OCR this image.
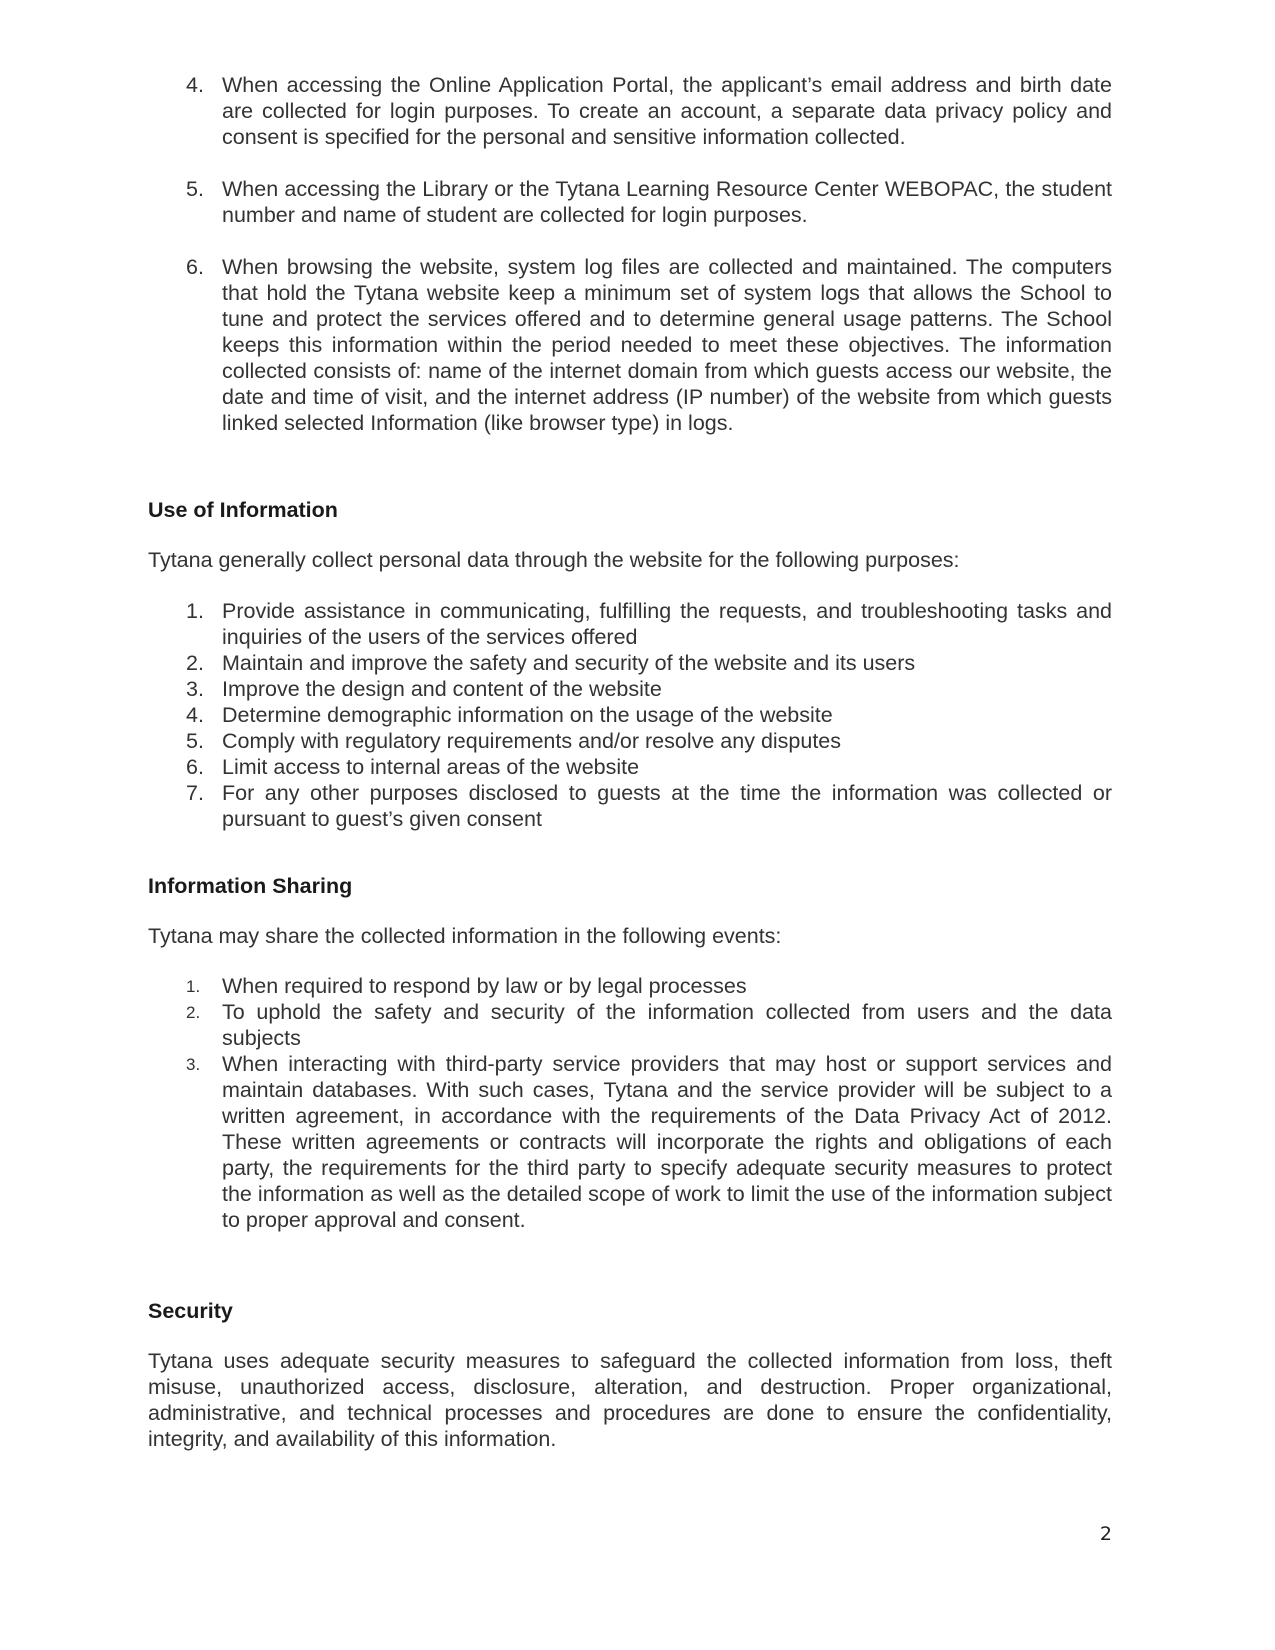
4. When accessing the Online Application Portal, the applicant’s email address and birth date are collected for login purposes. To create an account, a separate data privacy policy and consent is specified for the personal and sensitive information collected.
5. When accessing the Library or the Tytana Learning Resource Center WEBOPAC, the student number and name of student are collected for login purposes.
6. When browsing the website, system log files are collected and maintained. The computers that hold the Tytana website keep a minimum set of system logs that allows the School to tune and protect the services offered and to determine general usage patterns. The School keeps this information within the period needed to meet these objectives. The information collected consists of: name of the internet domain from which guests access our website, the date and time of visit, and the internet address (IP number) of the website from which guests linked selected Information (like browser type) in logs.
Use of Information
Tytana generally collect personal data through the website for the following purposes:
1. Provide assistance in communicating, fulfilling the requests, and troubleshooting tasks and inquiries of the users of the services offered
2. Maintain and improve the safety and security of the website and its users
3. Improve the design and content of the website
4. Determine demographic information on the usage of the website
5. Comply with regulatory requirements and/or resolve any disputes
6. Limit access to internal areas of the website
7. For any other purposes disclosed to guests at the time the information was collected or pursuant to guest’s given consent
Information Sharing
Tytana may share the collected information in the following events:
1. When required to respond by law or by legal processes
2. To uphold the safety and security of the information collected from users and the data subjects
3. When interacting with third-party service providers that may host or support services and maintain databases. With such cases, Tytana and the service provider will be subject to a written agreement, in accordance with the requirements of the Data Privacy Act of 2012. These written agreements or contracts will incorporate the rights and obligations of each party, the requirements for the third party to specify adequate security measures to protect the information as well as the detailed scope of work to limit the use of the information subject to proper approval and consent.
Security
Tytana uses adequate security measures to safeguard the collected information from loss, theft misuse, unauthorized access, disclosure, alteration, and destruction. Proper organizational, administrative, and technical processes and procedures are done to ensure the confidentiality, integrity, and availability of this information.
2
